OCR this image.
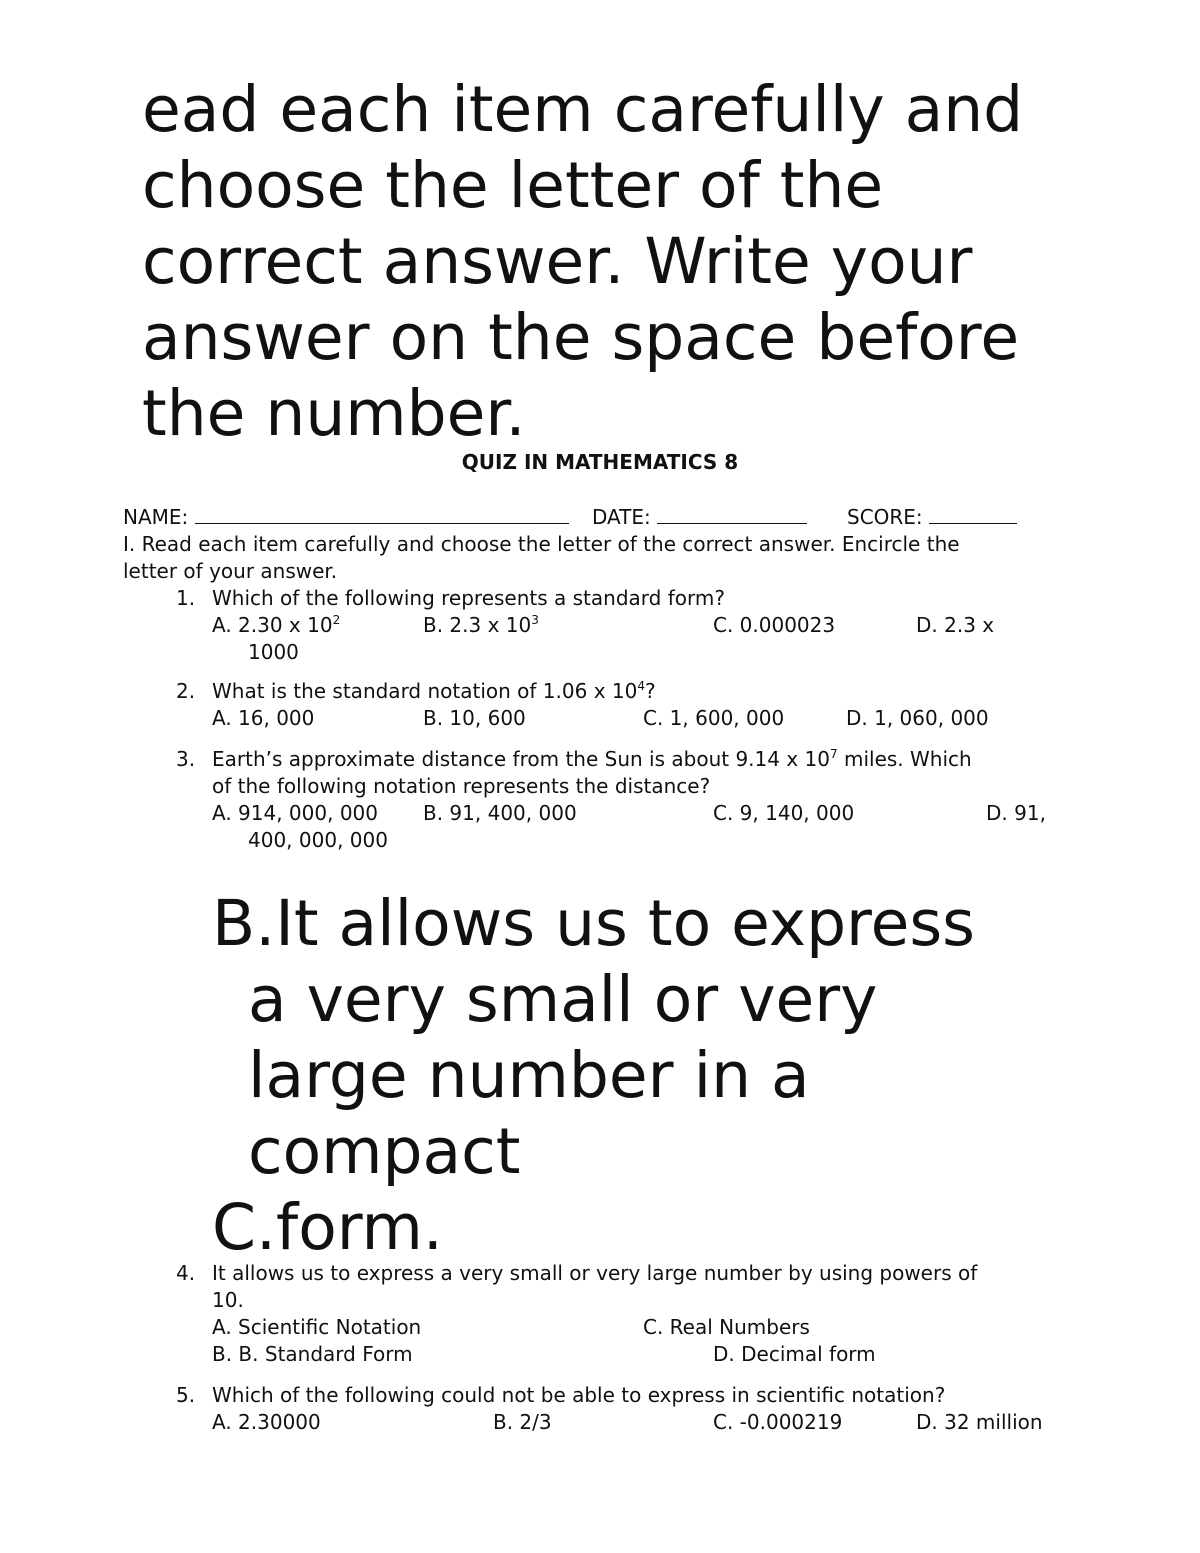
ead each item carefully and
choose the letter of the
correct answer. Write your
answer on the space before
the number.
QUIZ IN MATHEMATICS 8
NAME:	DATE:	SCORE:
I. Read each item carefully and choose the letter of the correct answer. Encircle the
letter of your answer.
1. Which of the following represents a standard form?
A. 2.30 x $10^2$	B. 2.3 x $10^3$	C. 0.000023	D. 2.3 x
1000
2. What is the standard notation of 1.06 x $10^4$?
A. 16, 000	B. 10, 600	C. 1, 600, 000	D. 1, 060, 000
3. Earth’s approximate distance from the Sun is about 9.14 x $10^7$ miles. Which
of the following notation represents the distance?
A. 914, 000, 000 B. 91, 400, 000	C. 9, 140, 000	D. 91,
400, 000, 000
B.It allows us to express
a very small or very
large number in a
compact
C.form.
4. It allows us to express a very small or very large number by using powers of
10.
A. Scientific Notation	C. Real Numbers
B. B. Standard Form	D. Decimal form
5. Which of the following could not be able to express in scientific notation?
A. 2.30000	B. 2/3	C. -0.000219	D. 32 million
